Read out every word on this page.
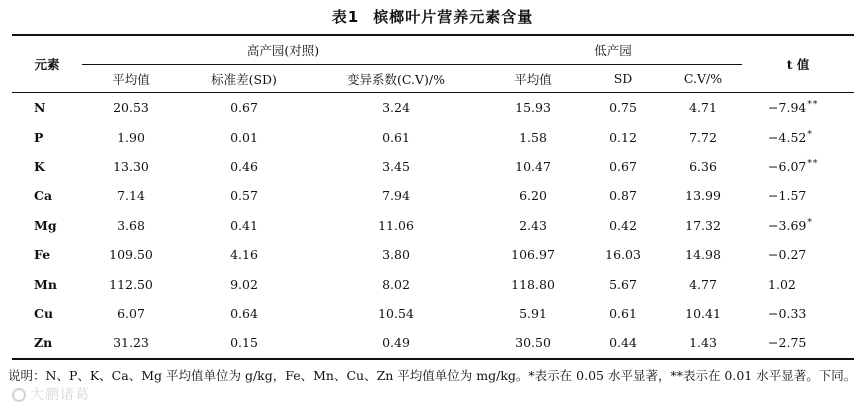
表1 槟榔叶片营养元素含量
元素	高产园(对照)			低产园			t 值
	平均值	标准差(SD)	变异系数(C.V)/%	平均值	SD	C.V/%	
N	20.53	0.67	3.24	15.93	0.75	4.71	−7.94**
P	1.90	0.01	0.61	1.58	0.12	7.72	−4.52*
K	13.30	0.46	3.45	10.47	0.67	6.36	−6.07**
Ca	7.14	0.57	7.94	6.20	0.87	13.99	−1.57
Mg	3.68	0.41	11.06	2.43	0.42	17.32	−3.69*
Fe	109.50	4.16	3.80	106.97	16.03	14.98	−0.27
Mn	112.50	9.02	8.02	118.80	5.67	4.77	1.02
Cu	6.07	0.64	10.54	5.91	0.61	10.41	−0.33
Zn	31.23	0.15	0.49	30.50	0.44	1.43	−2.75
说明：N、P、K、Ca、Mg 平均值单位为 g/kg，Fe、Mn、Cu、Zn 平均值单位为 mg/kg。*表示在 0.05 水平显著，**表示在 0.01 水平显著。下同。
大鹏诸葛
